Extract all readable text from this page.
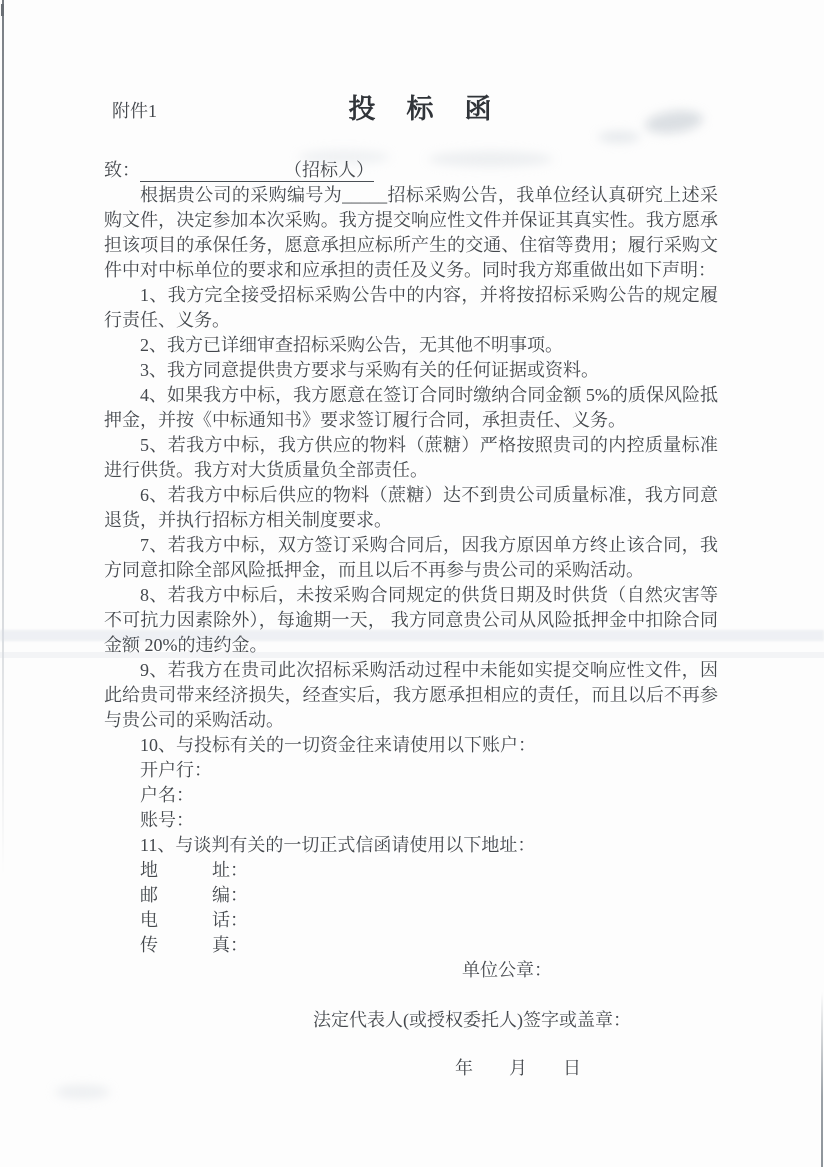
附件1	投　标　函
致：	（招标人）
根据贵公司的采购编号为_____招标采购公告，我单位经认真研究上述采购文件，决定参加本次采购。我方提交响应性文件并保证其真实性。我方愿承担该项目的承保任务，愿意承担应标所产生的交通、住宿等费用；履行采购文件中对中标单位的要求和应承担的责任及义务。同时我方郑重做出如下声明：
1、我方完全接受招标采购公告中的内容，并将按招标采购公告的规定履行责任、义务。
2、我方已详细审查招标采购公告，无其他不明事项。
3、我方同意提供贵方要求与采购有关的任何证据或资料。
4、如果我方中标，我方愿意在签订合同时缴纳合同金额 5%的质保风险抵押金，并按《中标通知书》要求签订履行合同，承担责任、义务。
5、若我方中标，我方供应的物料（蔗糖）严格按照贵司的内控质量标准进行供货。我方对大货质量负全部责任。
6、若我方中标后供应的物料（蔗糖）达不到贵公司质量标准，我方同意退货，并执行招标方相关制度要求。
7、若我方中标，双方签订采购合同后，因我方原因单方终止该合同，我方同意扣除全部风险抵押金，而且以后不再参与贵公司的采购活动。
8、若我方中标后，未按采购合同规定的供货日期及时供货（自然灾害等不可抗力因素除外），每逾期一天， 我方同意贵公司从风险抵押金中扣除合同金额 20%的违约金。
9、若我方在贵司此次招标采购活动过程中未能如实提交响应性文件，因此给贵司带来经济损失，经查实后，我方愿承担相应的责任，而且以后不再参与贵公司的采购活动。
10、与投标有关的一切资金往来请使用以下账户：
开户行：
户名：
账号：
11、与谈判有关的一切正式信函请使用以下地址：
地　　　址：
邮　　　编：
电　　　话：
传　　　真：
单位公章：
法定代表人(或授权委托人)签字或盖章：
年　　月　　日
